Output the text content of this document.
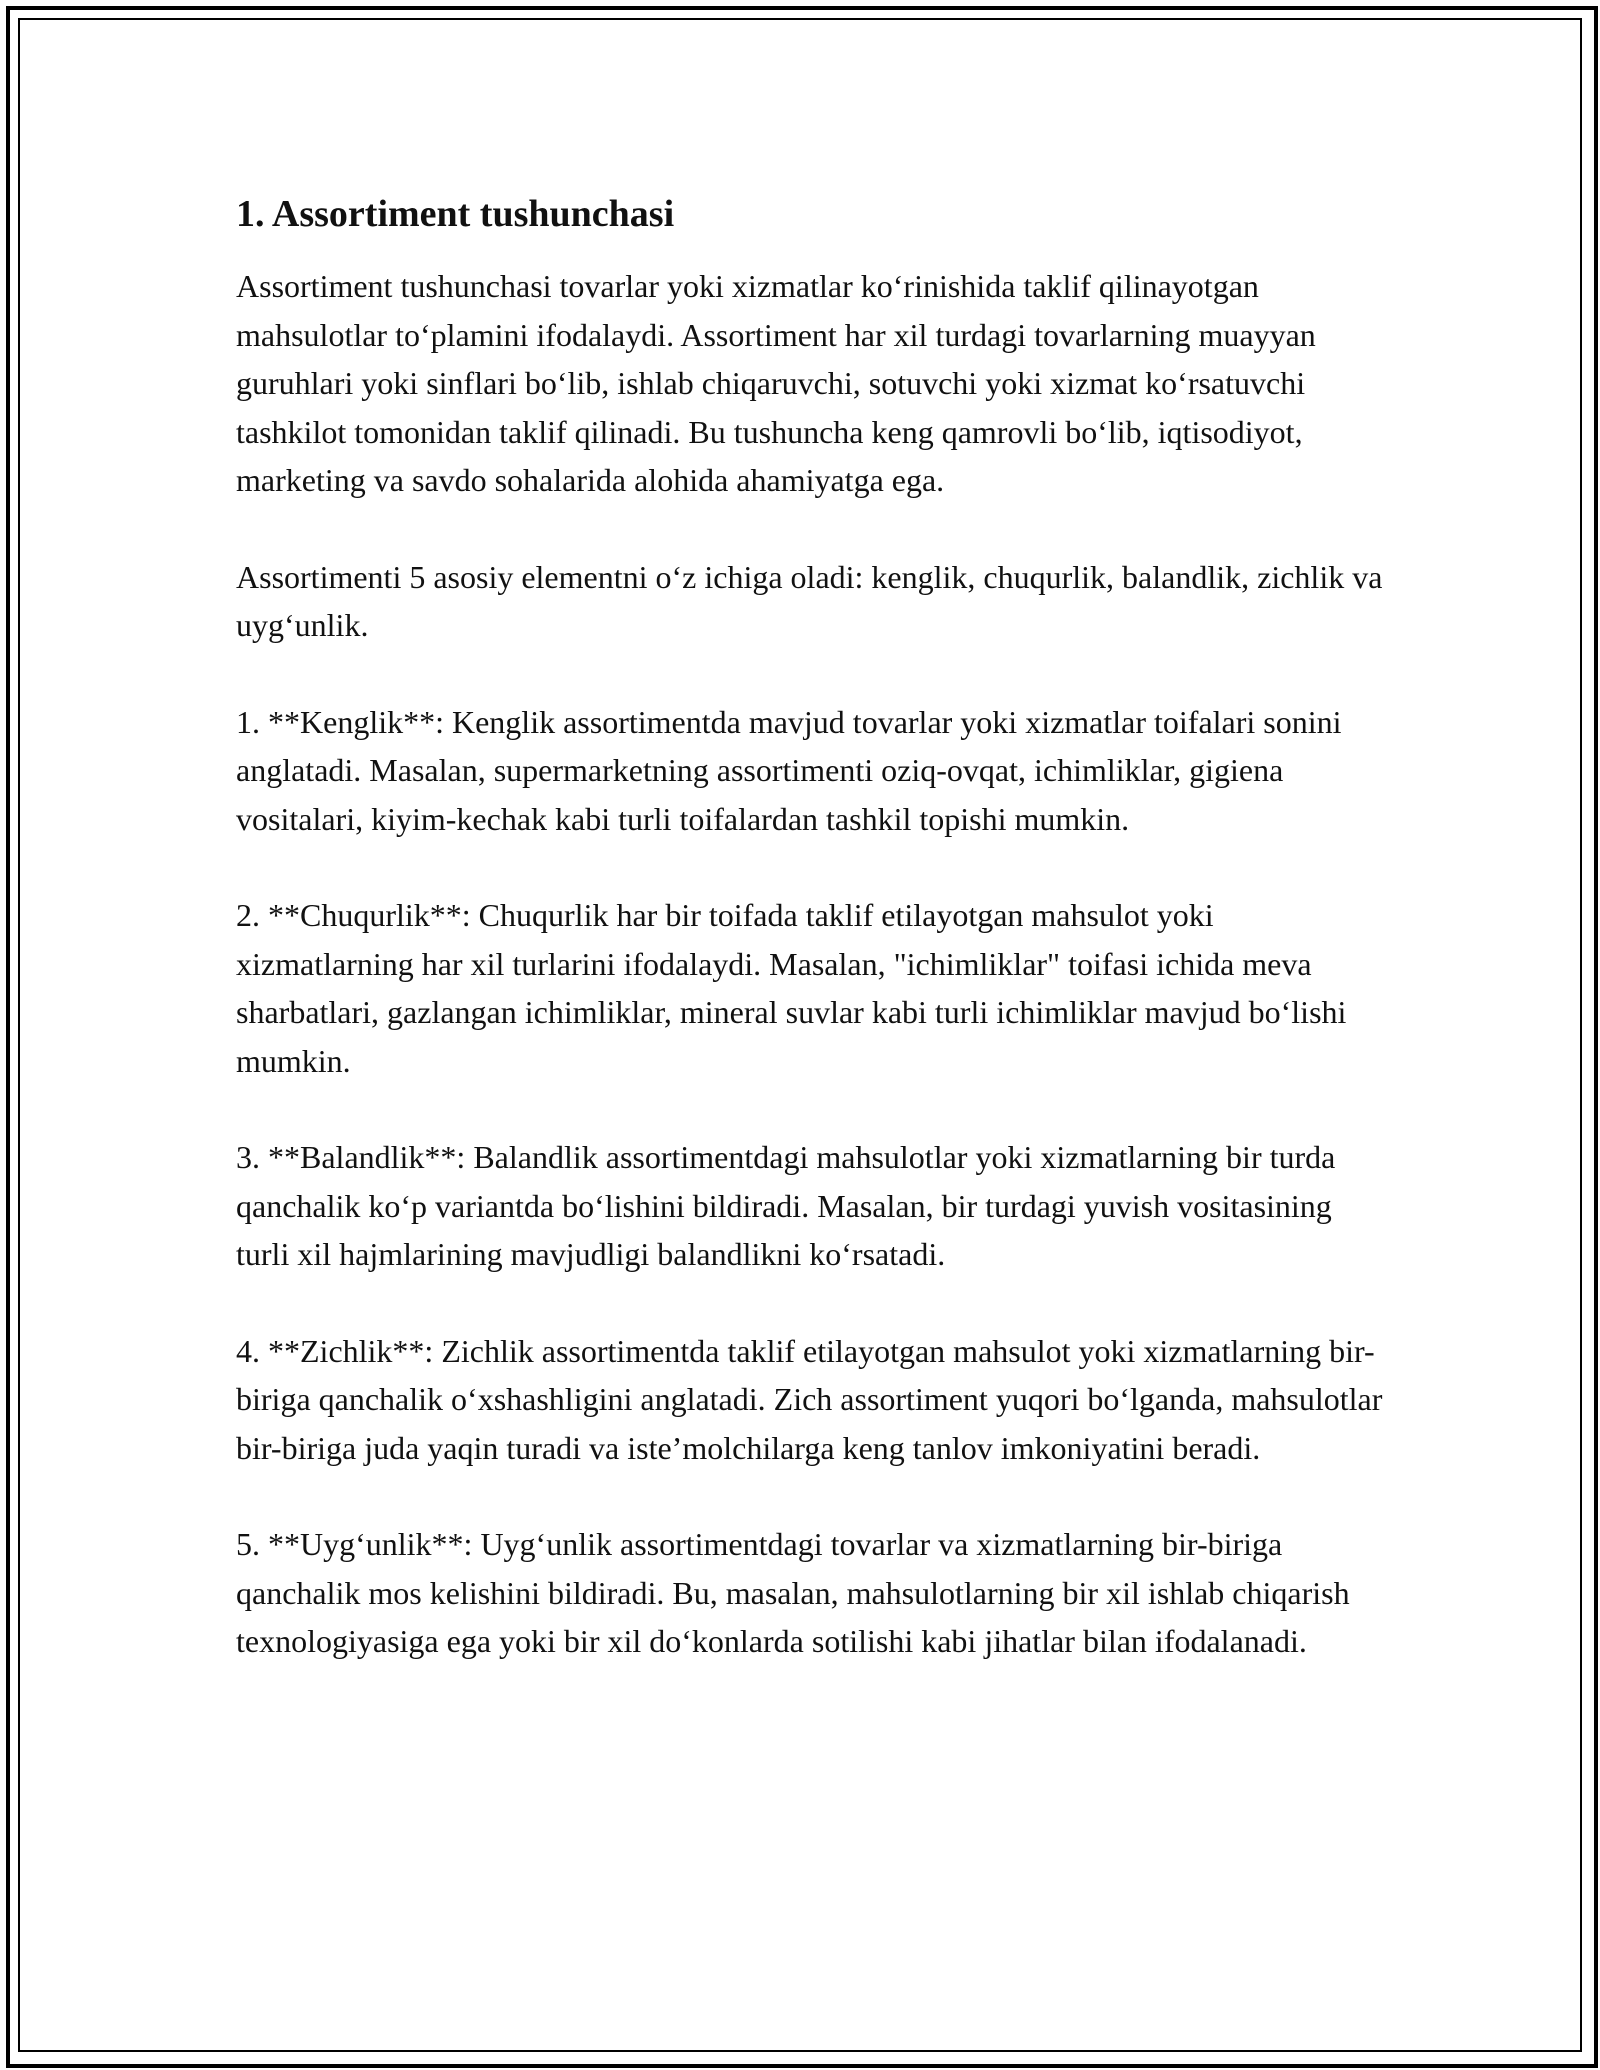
1. Assortiment tushunchasi

Assortiment tushunchasi tovarlar yoki xizmatlar koʻrinishida taklif qilinayotgan mahsulotlar toʻplamini ifodalaydi. Assortiment har xil turdagi tovarlarning muayyan guruhlari yoki sinflari boʻlib, ishlab chiqaruvchi, sotuvchi yoki xizmat koʻrsatuvchi tashkilot tomonidan taklif qilinadi. Bu tushuncha keng qamrovli boʻlib, iqtisodiyot, marketing va savdo sohalarida alohida ahamiyatga ega.

Assortimenti 5 asosiy elementni oʻz ichiga oladi: kenglik, chuqurlik, balandlik, zichlik va uygʻunlik.

1. **Kenglik**: Kenglik assortimentda mavjud tovarlar yoki xizmatlar toifalari sonini anglatadi. Masalan, supermarketning assortimenti oziq-ovqat, ichimliklar, gigiena vositalari, kiyim-kechak kabi turli toifalardan tashkil topishi mumkin.

2. **Chuqurlik**: Chuqurlik har bir toifada taklif etilayotgan mahsulot yoki xizmatlarning har xil turlarini ifodalaydi. Masalan, "ichimliklar" toifasi ichida meva sharbatlari, gazlangan ichimliklar, mineral suvlar kabi turli ichimliklar mavjud boʻlishi mumkin.

3. **Balandlik**: Balandlik assortimentdagi mahsulotlar yoki xizmatlarning bir turda qanchalik koʻp variantda boʻlishini bildiradi. Masalan, bir turdagi yuvish vositasining turli xil hajmlarining mavjudligi balandlikni koʻrsatadi.

4. **Zichlik**: Zichlik assortimentda taklif etilayotgan mahsulot yoki xizmatlarning bir-biriga qanchalik oʻxshashligini anglatadi. Zich assortiment yuqori boʻlganda, mahsulotlar bir-biriga juda yaqin turadi va isteʼmolchilarga keng tanlov imkoniyatini beradi.

5. **Uygʻunlik**: Uygʻunlik assortimentdagi tovarlar va xizmatlarning bir-biriga qanchalik mos kelishini bildiradi. Bu, masalan, mahsulotlarning bir xil ishlab chiqarish texnologiyasiga ega yoki bir xil doʻkonlarda sotilishi kabi jihatlar bilan ifodalanadi.
